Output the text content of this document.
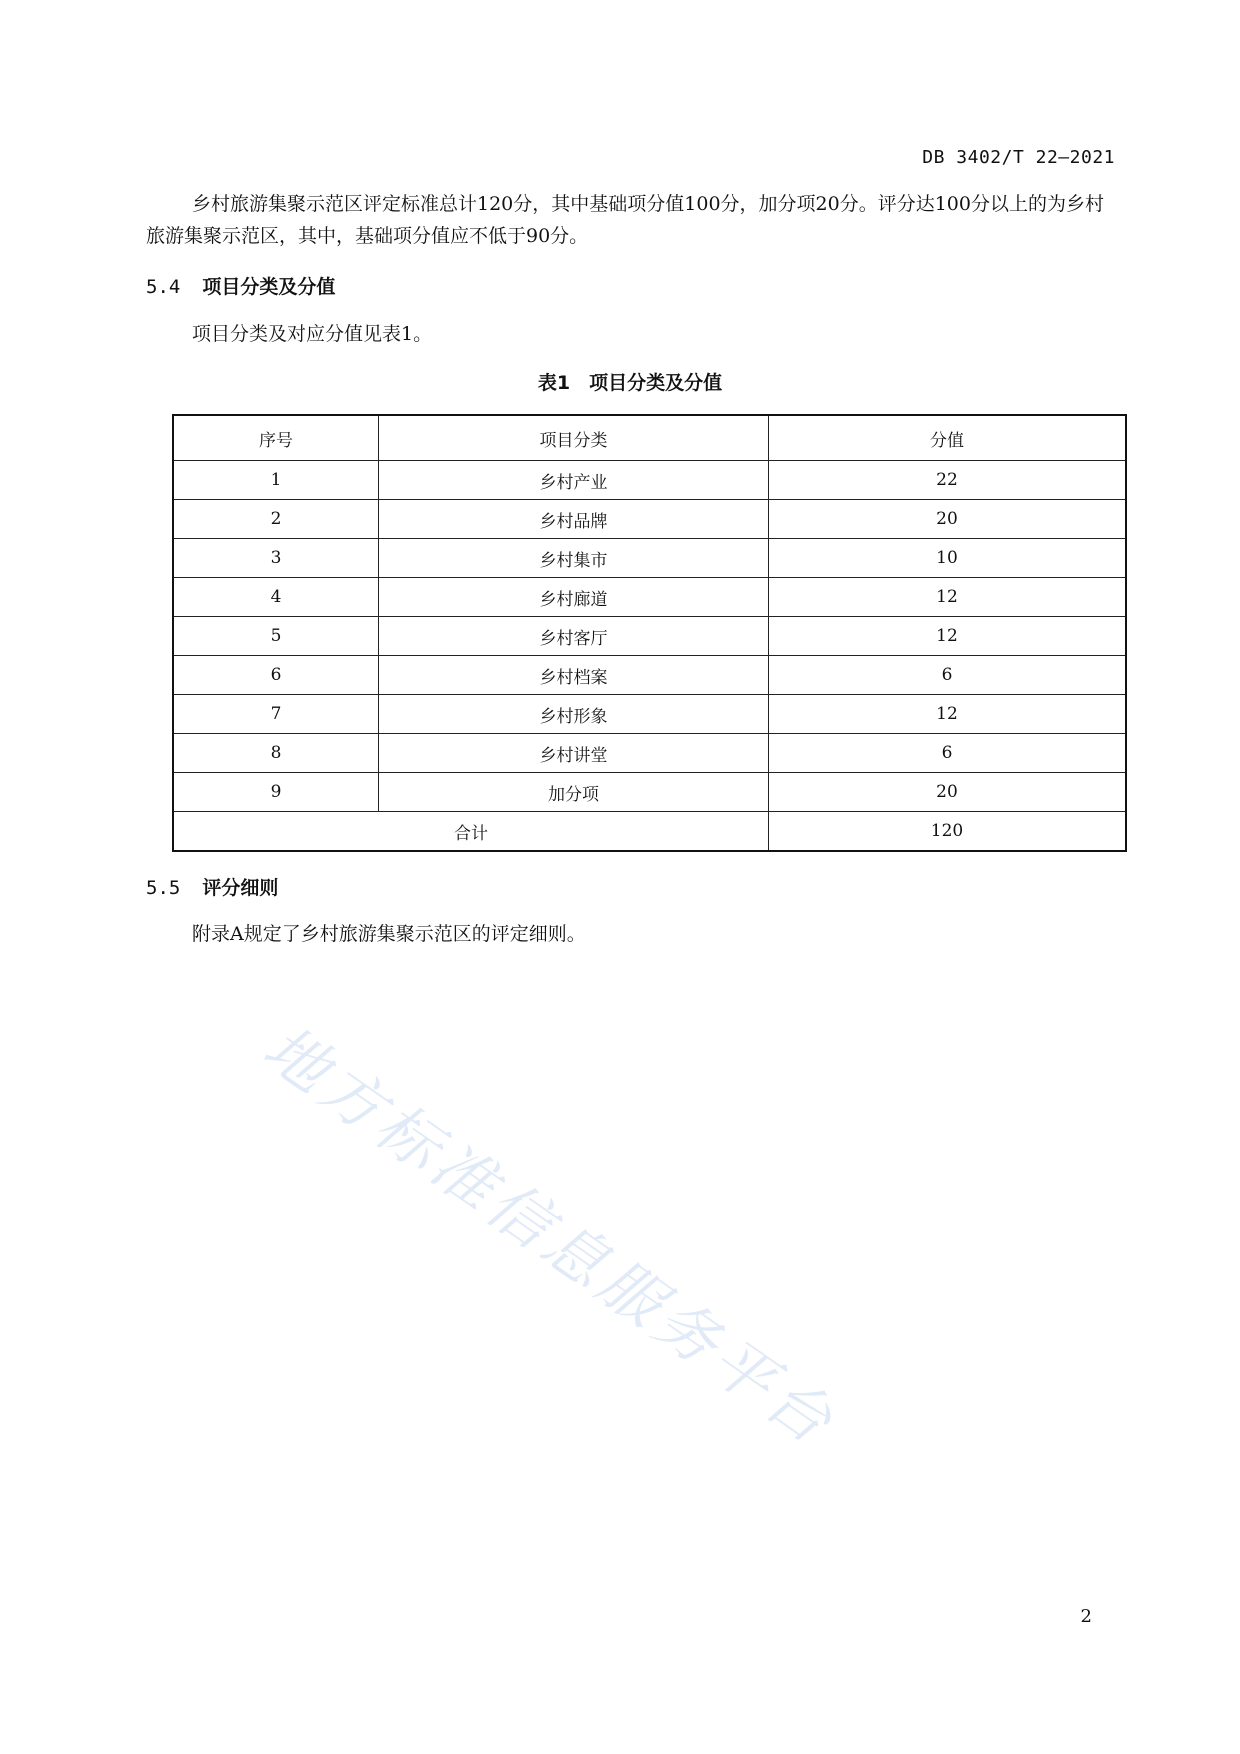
DB 3402/T 22—2021
乡村旅游集聚示范区评定标准总计120分，其中基础项分值100分，加分项20分。评分达100分以上的为乡村旅游集聚示范区，其中，基础项分值应不低于90分。
5.4 项目分类及分值
项目分类及对应分值见表1。
表1　项目分类及分值
序号	项目分类	分值
1	乡村产业	22
2	乡村品牌	20
3	乡村集市	10
4	乡村廊道	12
5	乡村客厅	12
6	乡村档案	6
7	乡村形象	12
8	乡村讲堂	6
9	加分项	20
合计		120
5.5 评分细则
附录A规定了乡村旅游集聚示范区的评定细则。
地方标准信息服务平台
2
